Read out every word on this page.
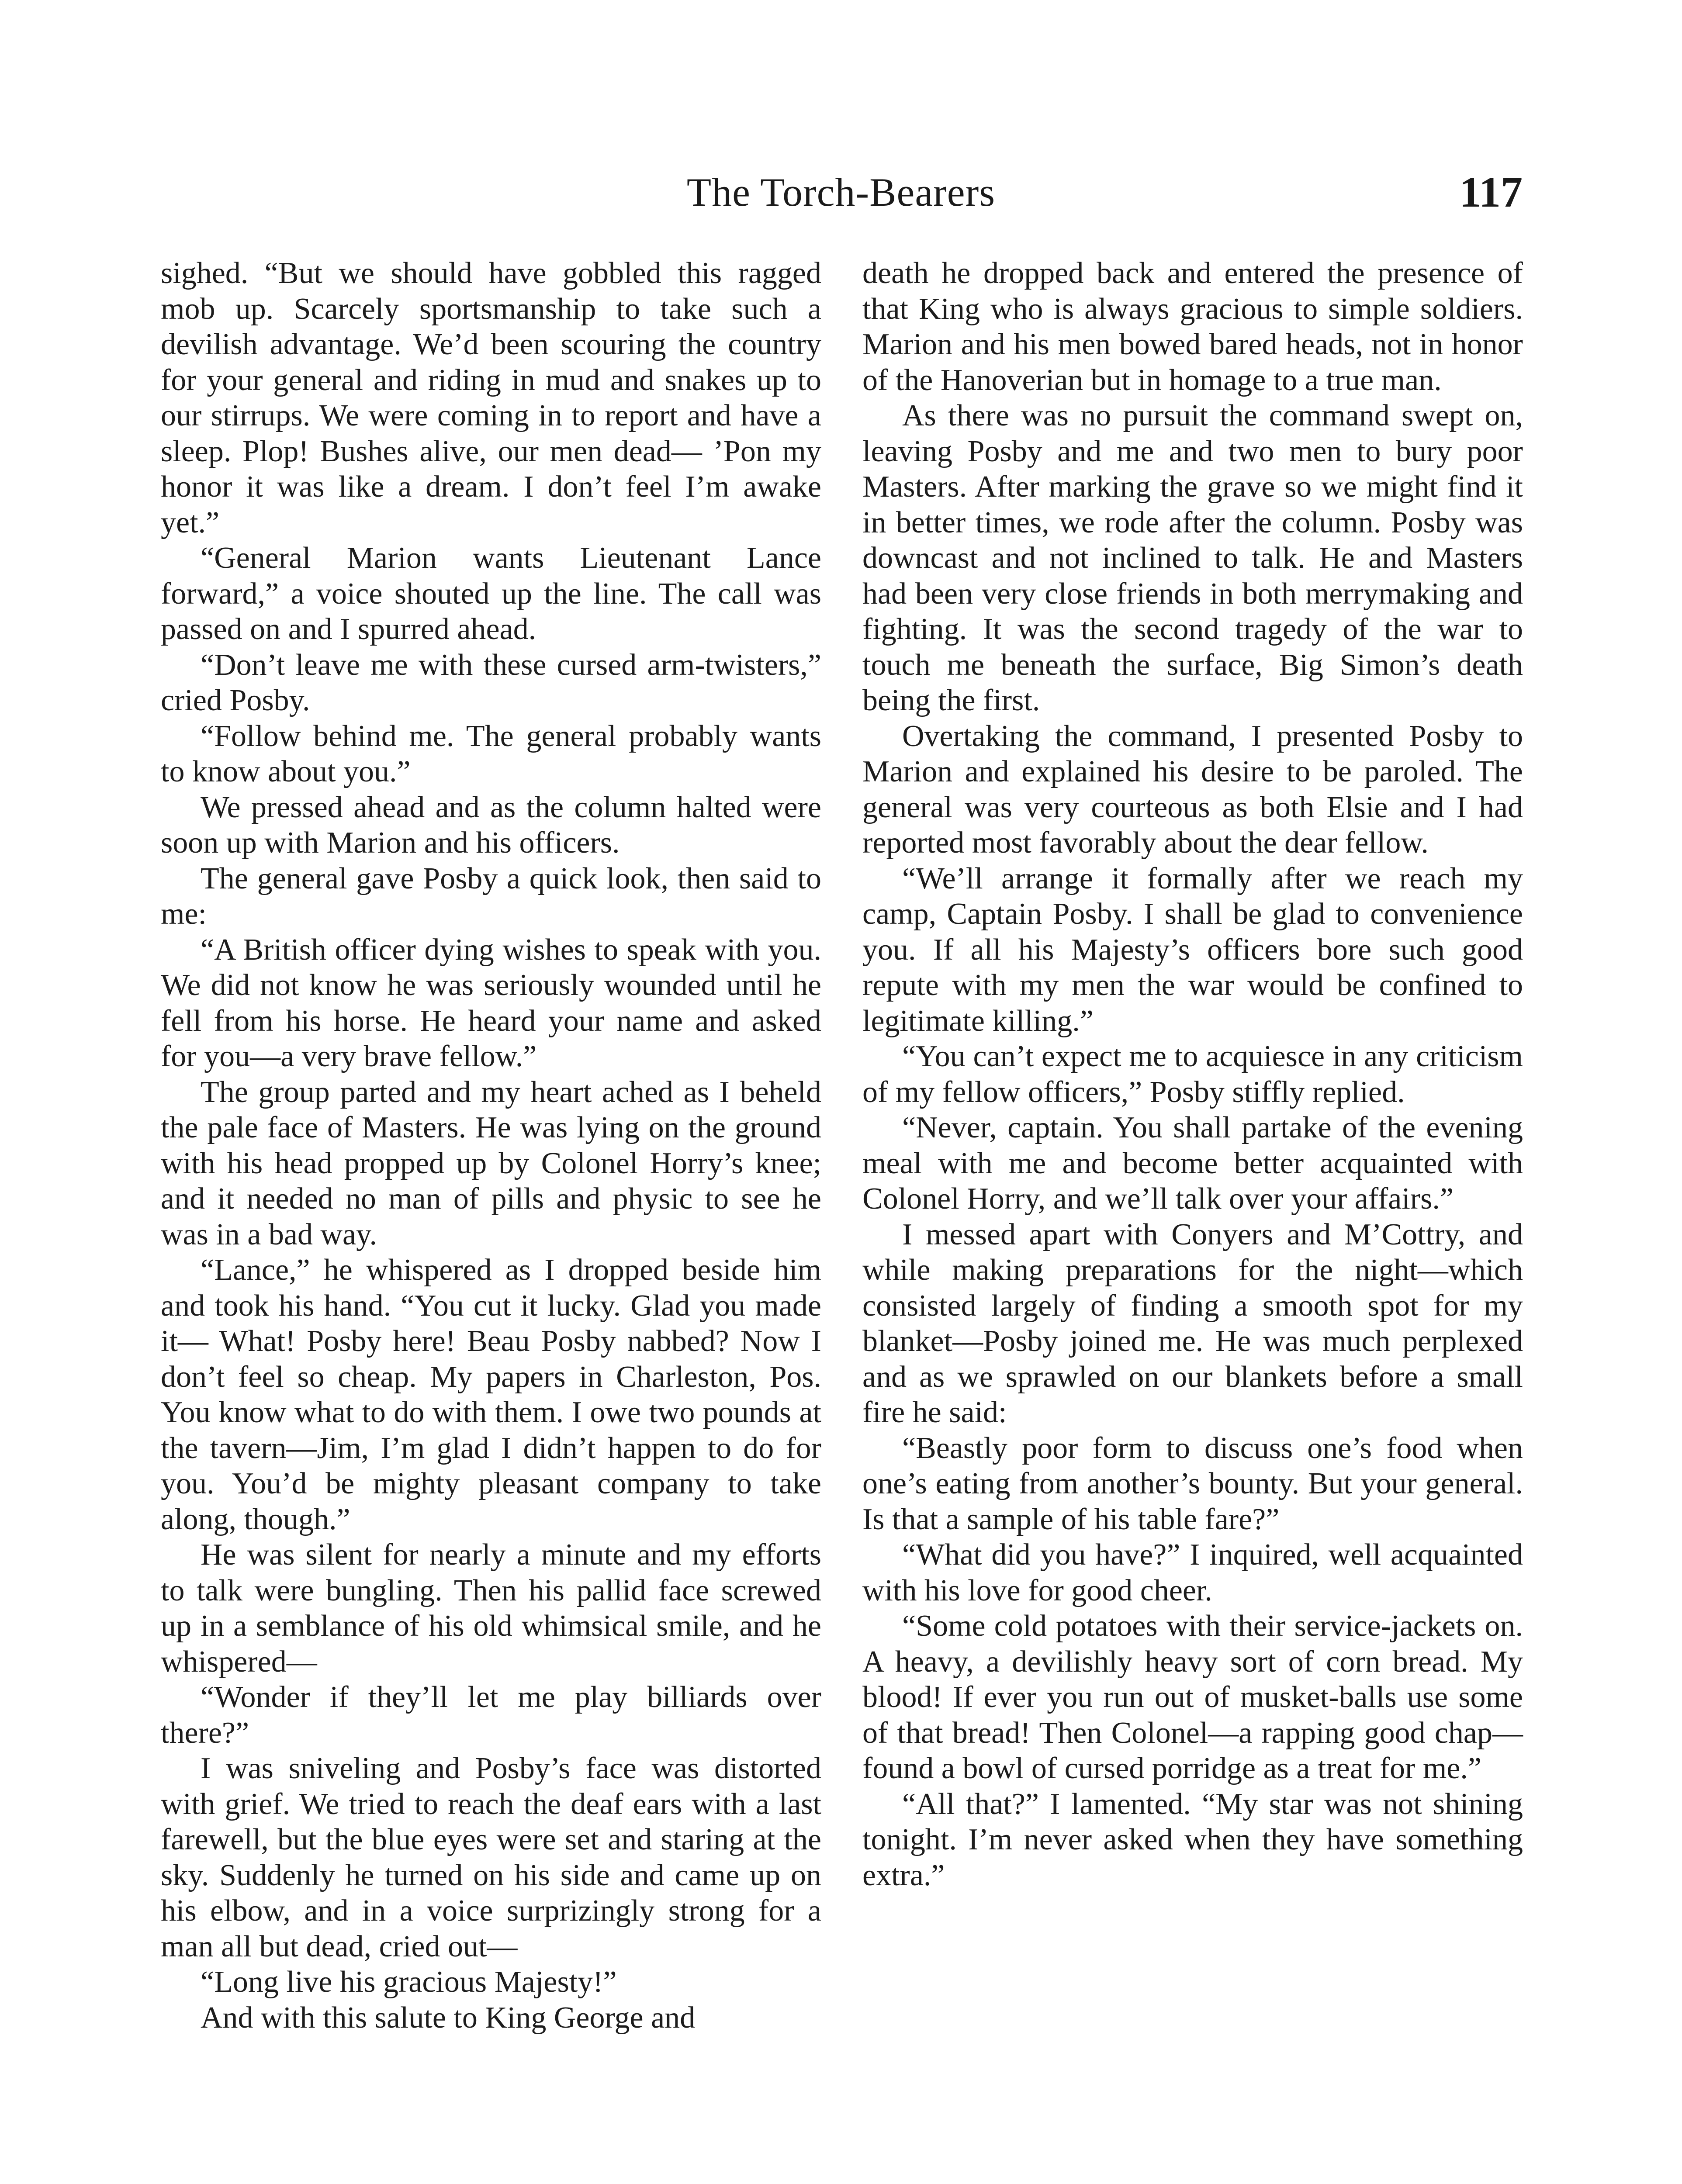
The Torch-Bearers	117

sighed. “But we should have gobbled this ragged mob up. Scarcely sportsmanship to take such a devilish advantage. We’d been scouring the country for your general and riding in mud and snakes up to our stirrups. We were coming in to report and have a sleep. Plop! Bushes alive, our men dead— ’Pon my honor it was like a dream. I don’t feel I’m awake yet.”

“General Marion wants Lieutenant Lance forward,” a voice shouted up the line. The call was passed on and I spurred ahead.

“Don’t leave me with these cursed arm-twisters,” cried Posby.

“Follow behind me. The general probably wants to know about you.”

We pressed ahead and as the column halted were soon up with Marion and his officers.

The general gave Posby a quick look, then said to me:

“A British officer dying wishes to speak with you. We did not know he was seriously wounded until he fell from his horse. He heard your name and asked for you—a very brave fellow.”

The group parted and my heart ached as I beheld the pale face of Masters. He was lying on the ground with his head propped up by Colonel Horry’s knee; and it needed no man of pills and physic to see he was in a bad way.

“Lance,” he whispered as I dropped beside him and took his hand. “You cut it lucky. Glad you made it— What! Posby here! Beau Posby nabbed? Now I don’t feel so cheap. My papers in Charleston, Pos. You know what to do with them. I owe two pounds at the tavern—Jim, I’m glad I didn’t happen to do for you. You’d be mighty pleasant company to take along, though.”

He was silent for nearly a minute and my efforts to talk were bungling. Then his pallid face screwed up in a semblance of his old whimsical smile, and he whispered—

“Wonder if they’ll let me play billiards over there?”

I was sniveling and Posby’s face was distorted with grief. We tried to reach the deaf ears with a last farewell, but the blue eyes were set and staring at the sky. Suddenly he turned on his side and came up on his elbow, and in a voice surprizingly strong for a man all but dead, cried out—

“Long live his gracious Majesty!”

And with this salute to King George and

death he dropped back and entered the presence of that King who is always gracious to simple soldiers. Marion and his men bowed bared heads, not in honor of the Hanoverian but in homage to a true man.

As there was no pursuit the command swept on, leaving Posby and me and two men to bury poor Masters. After marking the grave so we might find it in better times, we rode after the column. Posby was downcast and not inclined to talk. He and Masters had been very close friends in both merrymaking and fighting. It was the second tragedy of the war to touch me beneath the surface, Big Simon’s death being the first.

Overtaking the command, I presented Posby to Marion and explained his desire to be paroled. The general was very courteous as both Elsie and I had reported most favorably about the dear fellow.

“We’ll arrange it formally after we reach my camp, Captain Posby. I shall be glad to convenience you. If all his Majesty’s officers bore such good repute with my men the war would be confined to legitimate killing.”

“You can’t expect me to acquiesce in any criticism of my fellow officers,” Posby stiffly replied.

“Never, captain. You shall partake of the evening meal with me and become better acquainted with Colonel Horry, and we’ll talk over your affairs.”

I messed apart with Conyers and M’Cottry, and while making preparations for the night—which consisted largely of finding a smooth spot for my blanket—Posby joined me. He was much perplexed and as we sprawled on our blankets before a small fire he said:

“Beastly poor form to discuss one’s food when one’s eating from another’s bounty. But your general. Is that a sample of his table fare?”

“What did you have?” I inquired, well acquainted with his love for good cheer.

“Some cold potatoes with their service-jackets on. A heavy, a devilishly heavy sort of corn bread. My blood! If ever you run out of musket-balls use some of that bread! Then Colonel—a rapping good chap—found a bowl of cursed porridge as a treat for me.”

“All that?” I lamented. “My star was not shining tonight. I’m never asked when they have something extra.”
